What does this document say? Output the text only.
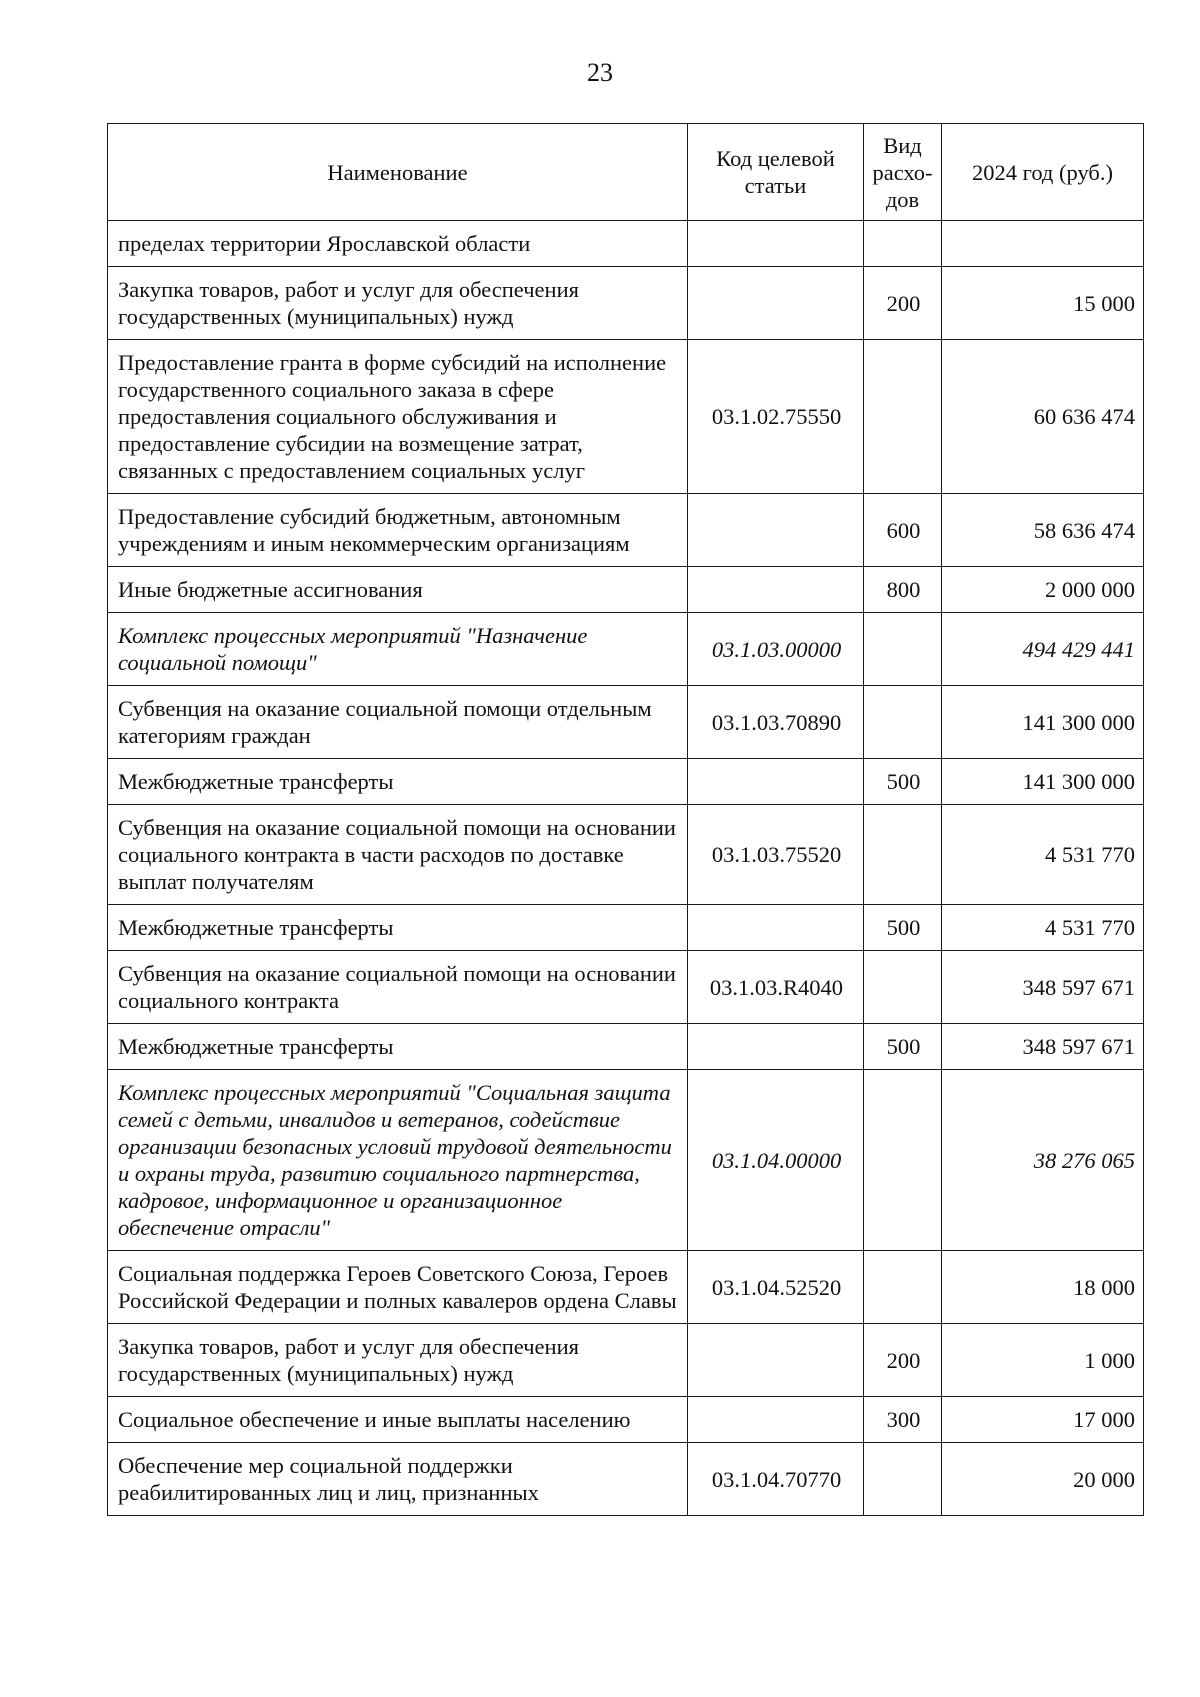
23
Наименование	Код целевой статьи	Вид расхо-дов	2024 год (руб.)
пределах территории Ярославской области			
Закупка товаров, работ и услуг для обеспечения государственных (муниципальных) нужд		200	15 000
Предоставление гранта в форме субсидий на исполнение государственного социального заказа в сфере предоставления социального обслуживания и предоставление субсидии на возмещение затрат, связанных с предоставлением социальных услуг	03.1.02.75550		60 636 474
Предоставление субсидий бюджетным, автономным учреждениям и иным некоммерческим организациям		600	58 636 474
Иные бюджетные ассигнования		800	2 000 000
Комплекс процессных мероприятий "Назначение социальной помощи"	03.1.03.00000		494 429 441
Субвенция на оказание социальной помощи отдельным категориям граждан	03.1.03.70890		141 300 000
Межбюджетные трансферты		500	141 300 000
Субвенция на оказание социальной помощи на основании социального контракта в части расходов по доставке выплат получателям	03.1.03.75520		4 531 770
Межбюджетные трансферты		500	4 531 770
Субвенция на оказание социальной помощи на основании социального контракта	03.1.03.R4040		348 597 671
Межбюджетные трансферты		500	348 597 671
Комплекс процессных мероприятий "Социальная защита семей с детьми, инвалидов и ветеранов, содействие организации безопасных условий трудовой деятельности и охраны труда, развитию социального партнерства, кадровое, информационное и организационное обеспечение отрасли"	03.1.04.00000		38 276 065
Социальная поддержка Героев Советского Союза, Героев Российской Федерации и полных кавалеров ордена Славы	03.1.04.52520		18 000
Закупка товаров, работ и услуг для обеспечения государственных (муниципальных) нужд		200	1 000
Социальное обеспечение и иные выплаты населению		300	17 000
Обеспечение мер социальной поддержки реабилитированных лиц и лиц, признанных	03.1.04.70770		20 000
